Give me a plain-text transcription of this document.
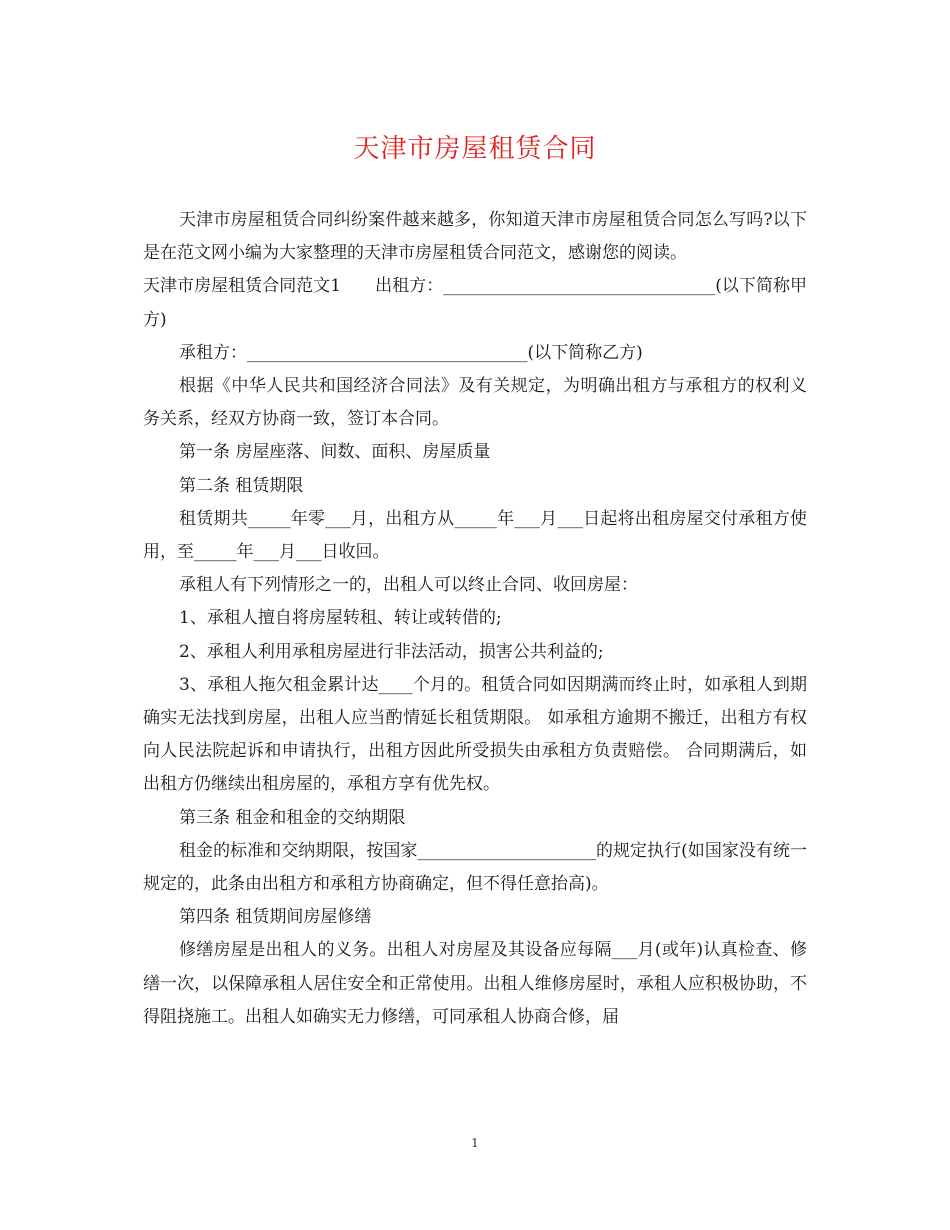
天津市房屋租赁合同

天津市房屋租赁合同纠纷案件越来越多，你知道天津市房屋租赁合同怎么写吗?以下是在范文网小编为大家整理的天津市房屋租赁合同范文，感谢您的阅读。

天津市房屋租赁合同范文1　　出租方：________________________________(以下简称甲方)

承租方：_________________________________(以下简称乙方)

根据《中华人民共和国经济合同法》及有关规定，为明确出租方与承租方的权利义务关系，经双方协商一致，签订本合同。

第一条 房屋座落、间数、面积、房屋质量

第二条 租赁期限

租赁期共_____年零___月，出租方从_____年___月___日起将出租房屋交付承租方使用，至_____年___月___日收回。

承租人有下列情形之一的，出租人可以终止合同、收回房屋：

1、承租人擅自将房屋转租、转让或转借的;

2、承租人利用承租房屋进行非法活动，损害公共利益的;

3、承租人拖欠租金累计达____个月的。租赁合同如因期满而终止时，如承租人到期确实无法找到房屋，出租人应当酌情延长租赁期限。 如承租方逾期不搬迁，出租方有权向人民法院起诉和申请执行，出租方因此所受损失由承租方负责赔偿。 合同期满后，如出租方仍继续出租房屋的，承租方享有优先权。

第三条 租金和租金的交纳期限

租金的标准和交纳期限，按国家_____________________的规定执行(如国家没有统一规定的，此条由出租方和承租方协商确定，但不得任意抬高)。

第四条 租赁期间房屋修缮

修缮房屋是出租人的义务。出租人对房屋及其设备应每隔___月(或年)认真检查、修缮一次，以保障承租人居住安全和正常使用。出租人维修房屋时，承租人应积极协助，不得阻挠施工。出租人如确实无力修缮，可同承租人协商合修，届

1
